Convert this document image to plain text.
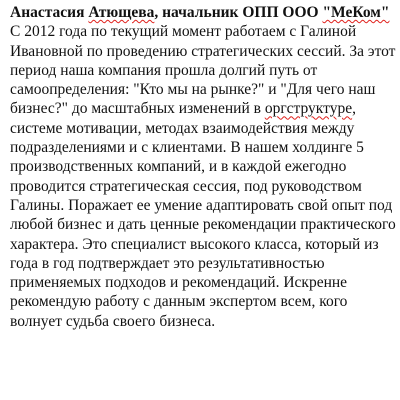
Анастасия Атющева, начальник ОПП ООО "МеКом"

С 2012 года по текущий момент работаем с Галиной Ивановной по проведению стратегических сессий. За этот период наша компания прошла долгий путь от самоопределения: "Кто мы на рынке?" и "Для чего наш бизнес?" до масштабных изменений в оргструктуре, системе мотивации, методах взаимодействия между подразделениями и с клиентами. В нашем холдинге 5 производственных компаний, и в каждой ежегодно проводится стратегическая сессия, под руководством Галины. Поражает ее умение адаптировать свой опыт под любой бизнес и дать ценные рекомендации практического характера. Это специалист высокого класса, который из года в год подтверждает это результативностью применяемых подходов и рекомендаций. Искренне рекомендую работу с данным экспертом всем, кого волнует судьба своего бизнеса.
